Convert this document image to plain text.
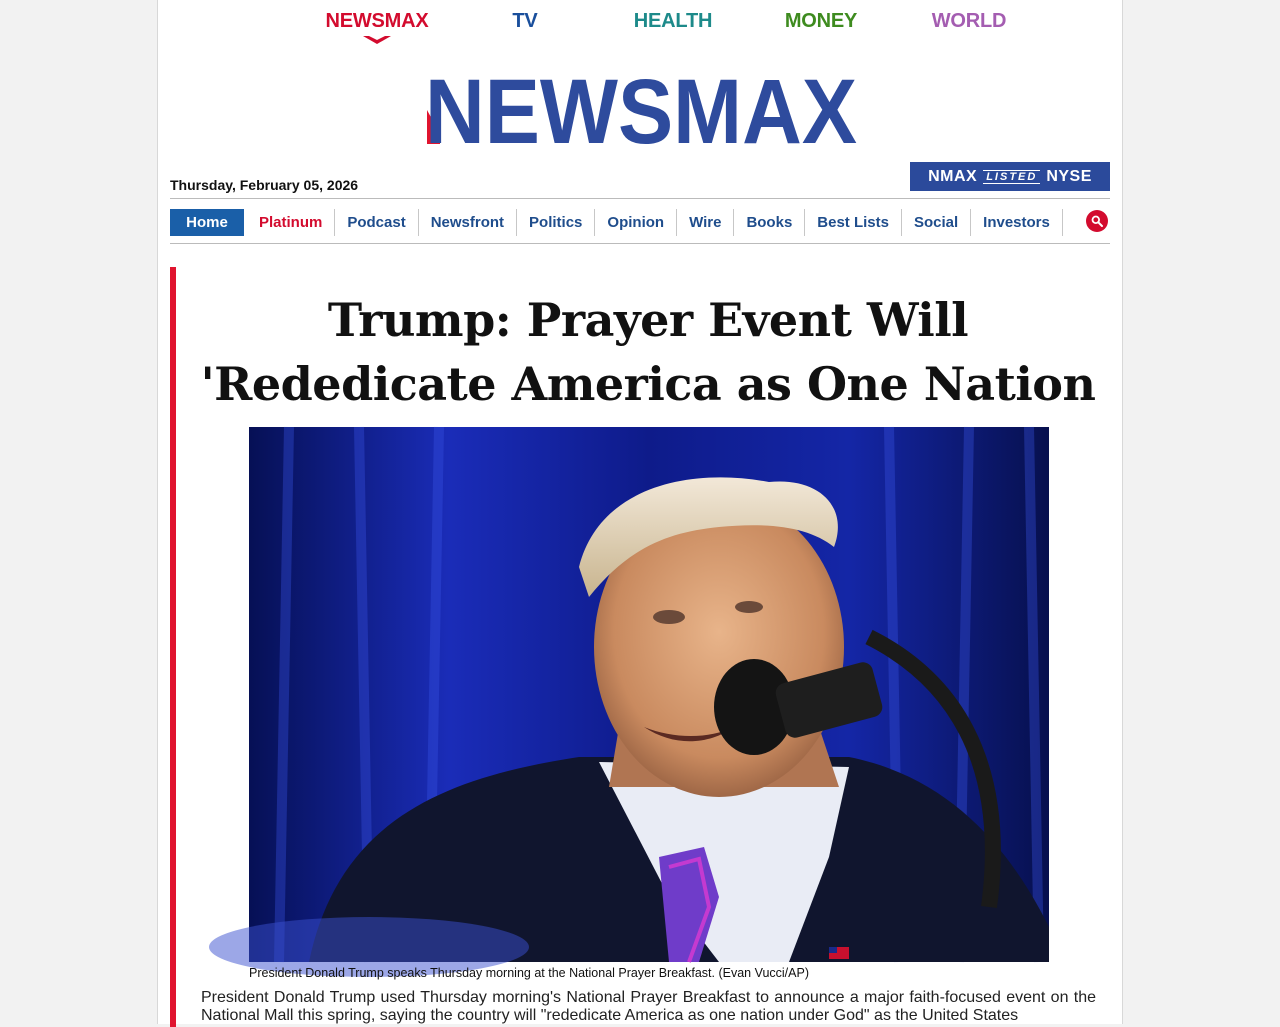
NEWSMAX	TV	HEALTH	MONEY	WORLD
NEWSMAX
Thursday, February 05, 2026
NMAX LISTED NYSE
Home	Platinum	Podcast	Newsfront	Politics	Opinion	Wire	Books	Best Lists	Social	Investors
Trump: Prayer Event Will 'Rededicate America as One Nation
President Donald Trump speaks Thursday morning at the National Prayer Breakfast. (Evan Vucci/AP)
President Donald Trump used Thursday morning's National Prayer Breakfast to announce a major faith-focused event on the National Mall this spring, saying the country will "rededicate America as one nation under God" as the United States
